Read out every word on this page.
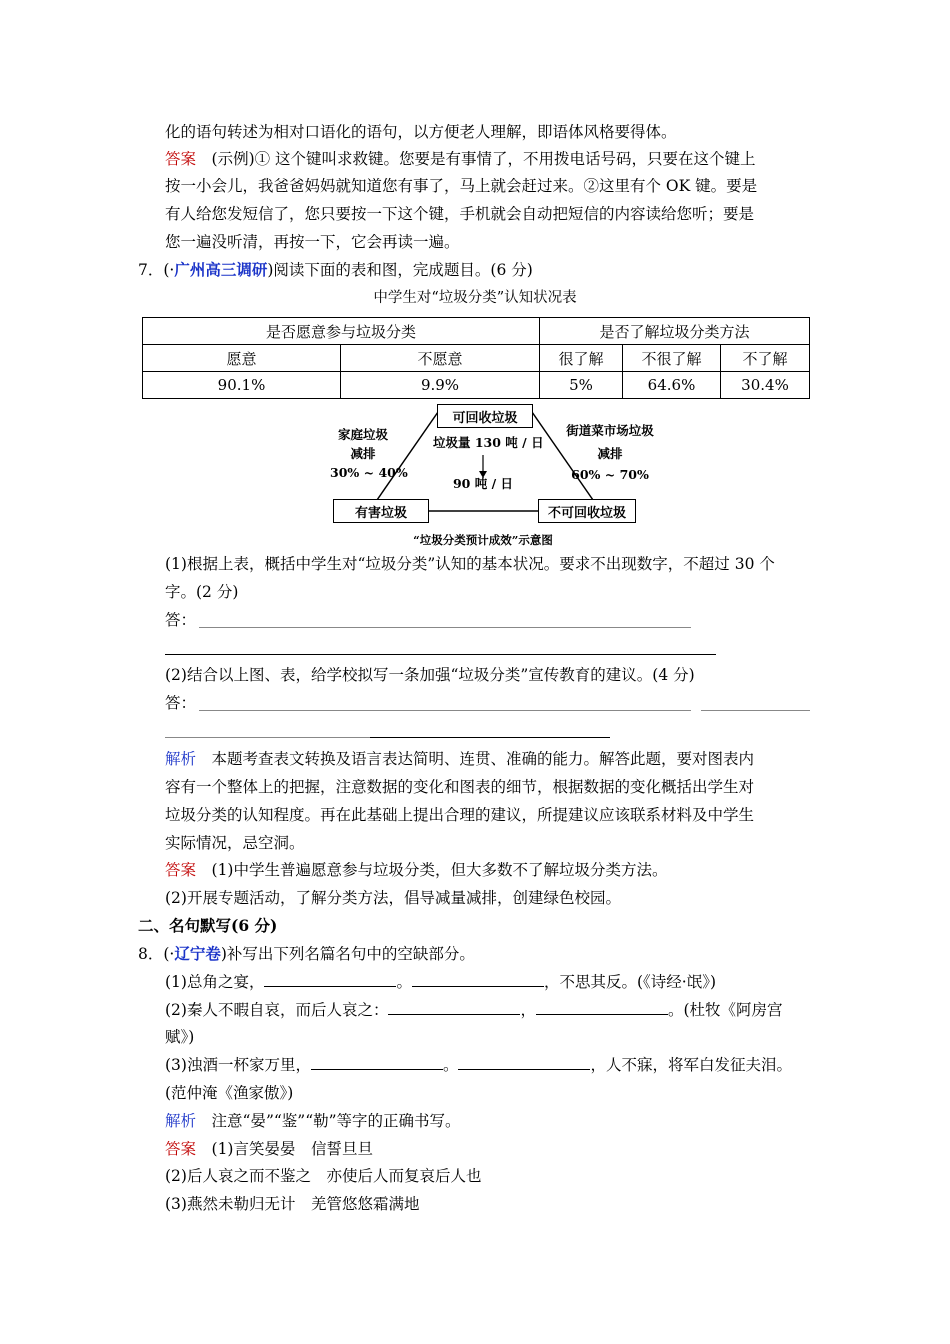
化的语句转述为相对口语化的语句，以方便老人理解，即语体风格要得体。
答案　(示例)① 这个键叫求救键。您要是有事情了，不用拨电话号码，只要在这个键上
按一小会儿，我爸爸妈妈就知道您有事了，马上就会赶过来。②这里有个 OK 键。要是
有人给您发短信了，您只要按一下这个键，手机就会自动把短信的内容读给您听；要是
您一遍没听清，再按一下，它会再读一遍。
7．(·广州高三调研)阅读下面的表和图，完成题目。(6 分)
中学生对“垃圾分类”认知状况表
是否愿意参与垃圾分类		是否了解垃圾分类方法		
愿意	不愿意	很了解	不很了解	不了解
90.1%	9.9%	5%	64.6%	30.4%
可回收垃圾
有害垃圾	不可回收垃圾
家庭垃圾
减排
30% ~ 40%
街道菜市场垃圾
减排
60% ~ 70%
垃圾量 130 吨 / 日
90 吨 / 日
“垃圾分类预计成效”示意图
(1)根据上表，概括中学生对“垃圾分类”认知的基本状况。要求不出现数字，不超过 30 个
字。(2 分)
答：
(2)结合以上图、表，给学校拟写一条加强“垃圾分类”宣传教育的建议。(4 分)
答：
解析　本题考查表文转换及语言表达简明、连贯、准确的能力。解答此题，要对图表内
容有一个整体上的把握，注意数据的变化和图表的细节，根据数据的变化概括出学生对
垃圾分类的认知程度。再在此基础上提出合理的建议，所提建议应该联系材料及中学生
实际情况，忌空洞。
答案　(1)中学生普遍愿意参与垃圾分类，但大多数不了解垃圾分类方法。
(2)开展专题活动，了解分类方法，倡导减量减排，创建绿色校园。
二、名句默写(6 分)
8．(·辽宁卷)补写出下列名篇名句中的空缺部分。
(1)总角之宴，	。	，不思其反。(《诗经·氓》)
(2)秦人不暇自哀，而后人哀之：	，	。(杜牧《阿房宫
赋》)
(3)浊酒一杯家万里，	。	，人不寐，将军白发征夫泪。
(范仲淹《渔家傲》)
解析　注意“晏”“鉴”“勒”等字的正确书写。
答案　(1)言笑晏晏　信誓旦旦
(2)后人哀之而不鉴之　亦使后人而复哀后人也
(3)燕然未勒归无计　羌管悠悠霜满地
